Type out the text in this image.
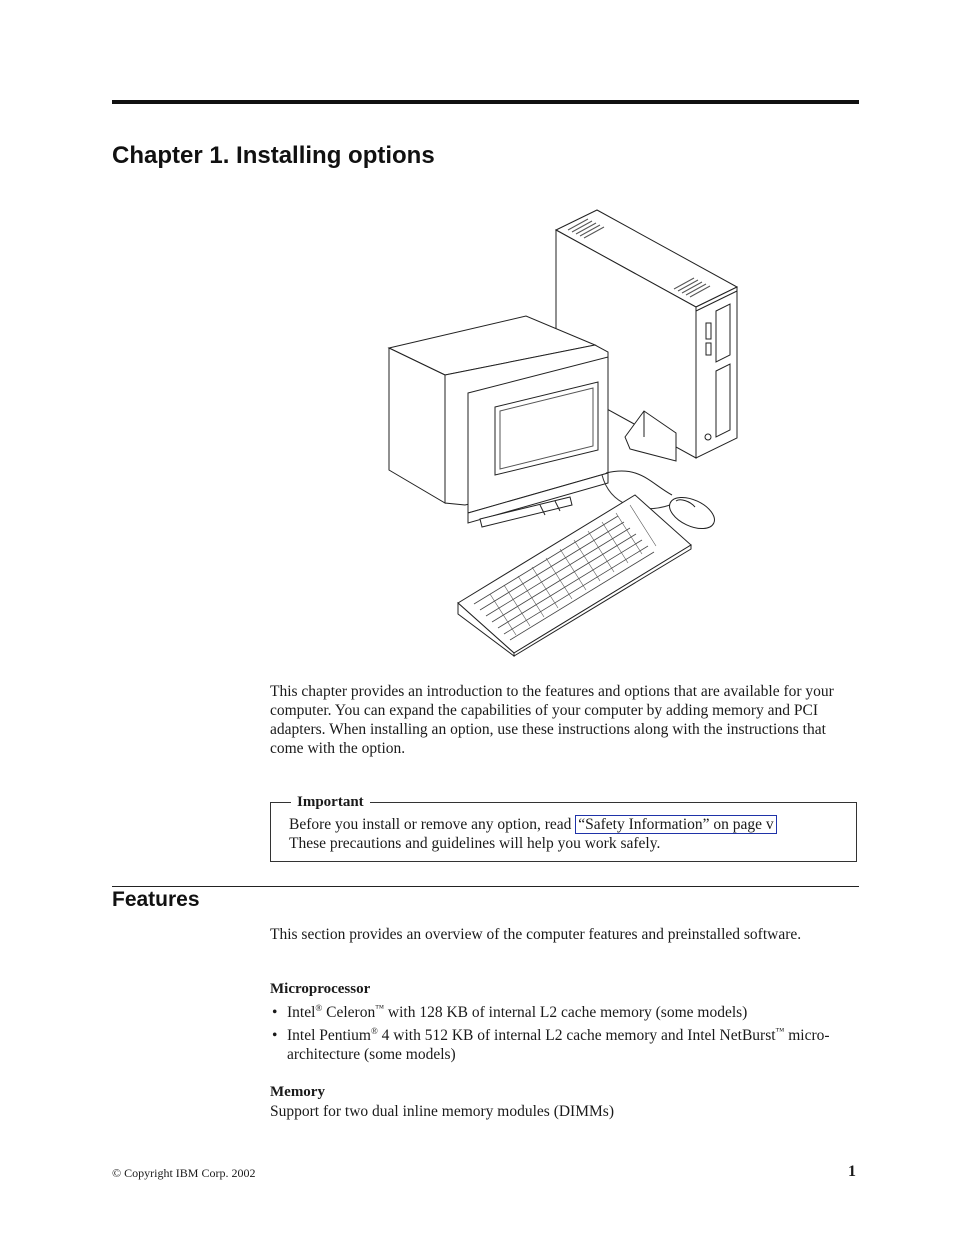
Chapter 1. Installing options

This chapter provides an introduction to the features and options that are available for your computer. You can expand the capabilities of your computer by adding memory and PCI adapters. When installing an option, use these instructions along with the instructions that come with the option.

Important
Before you install or remove any option, read “Safety Information” on page v
These precautions and guidelines will help you work safely.
Features

This section provides an overview of the computer features and preinstalled software.

Microprocessor
• Intel® Celeron™ with 128 KB of internal L2 cache memory (some models)
• Intel Pentium® 4 with 512 KB of internal L2 cache memory and Intel NetBurst™ micro-architecture (some models)
Memory

Support for two dual inline memory modules (DIMMs)

© Copyright IBM Corp. 2002	1
